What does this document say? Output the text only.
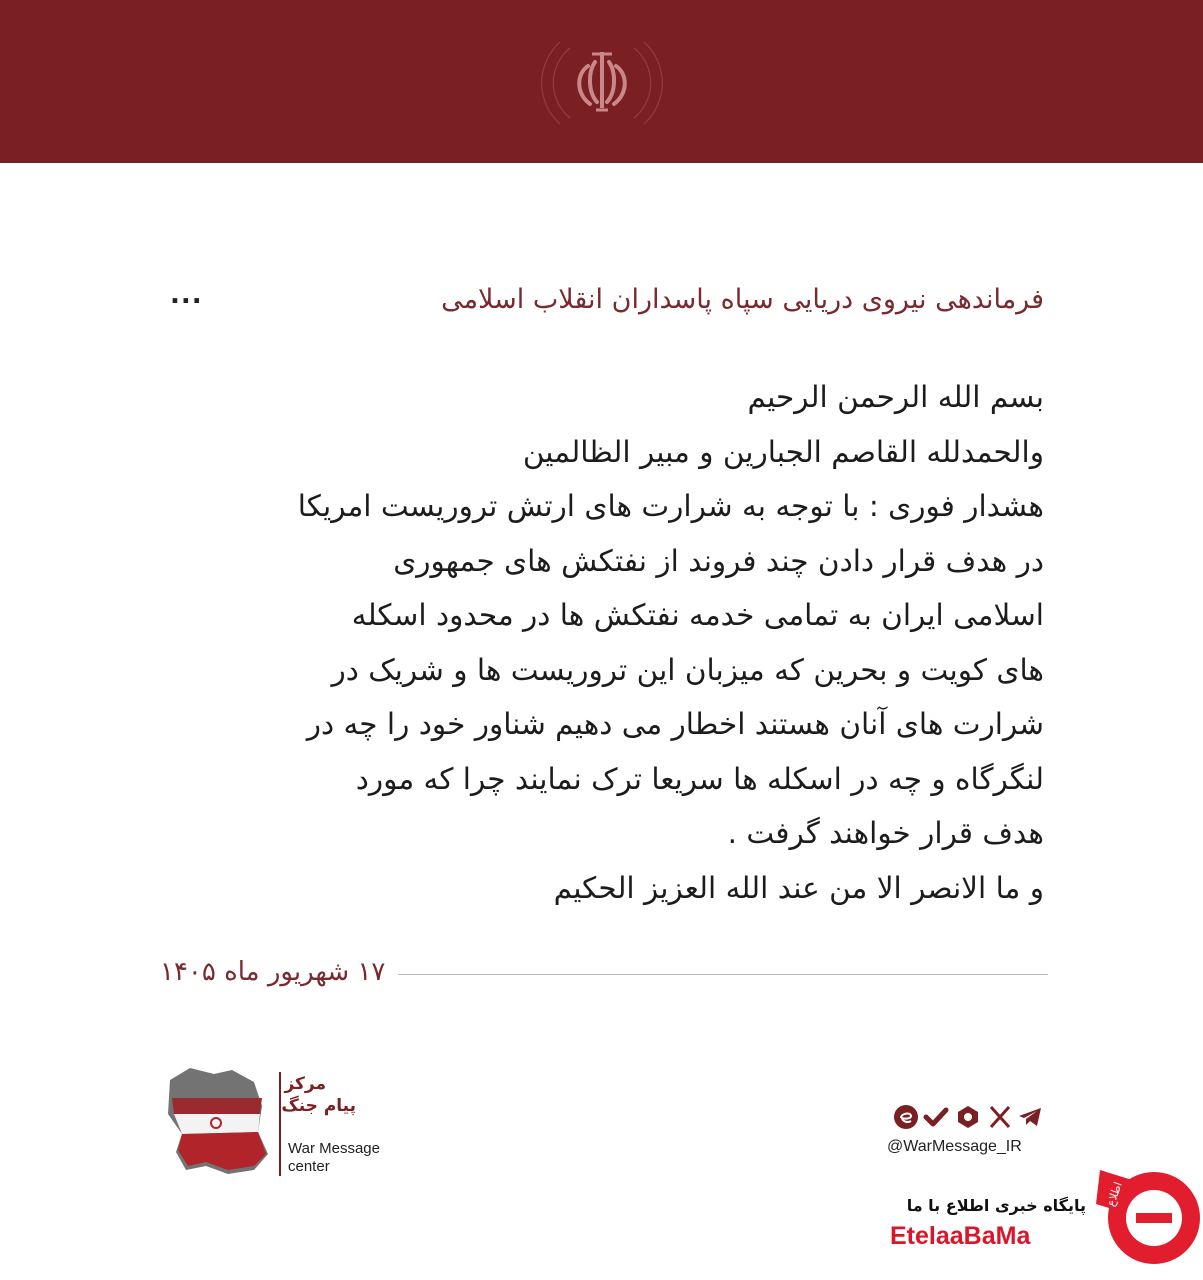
...	فرماندهی نیروی دریایی سپاه پاسداران انقلاب اسلامی
بسم الله الرحمن الرحیم
والحمدلله القاصم الجبارین و مبیر الظالمین
هشدار فوری : با توجه به شرارت های ارتش تروریست امریکا
در هدف قرار دادن چند فروند از نفتکش های جمهوری
اسلامی ایران به تمامی خدمه نفتکش ها در محدود اسکله
های کویت و بحرین که میزبان این تروریست ها و شریک در
شرارت های آنان هستند اخطار می دهیم شناور خود را چه در
لنگرگاه و چه در اسکله ها سریعا ترک نمایند چرا که مورد
هدف قرار خواهند گرفت .
و ما الانصر الا من عند الله العزیز الحکیم
۱۷ شهریور ماه ۱۴۰۵
مرکز
پیام جنگ
War Message
center
@WarMessage_IR
پایگاه خبری اطلاع با ما
EtelaaBaMa
اطلاع
